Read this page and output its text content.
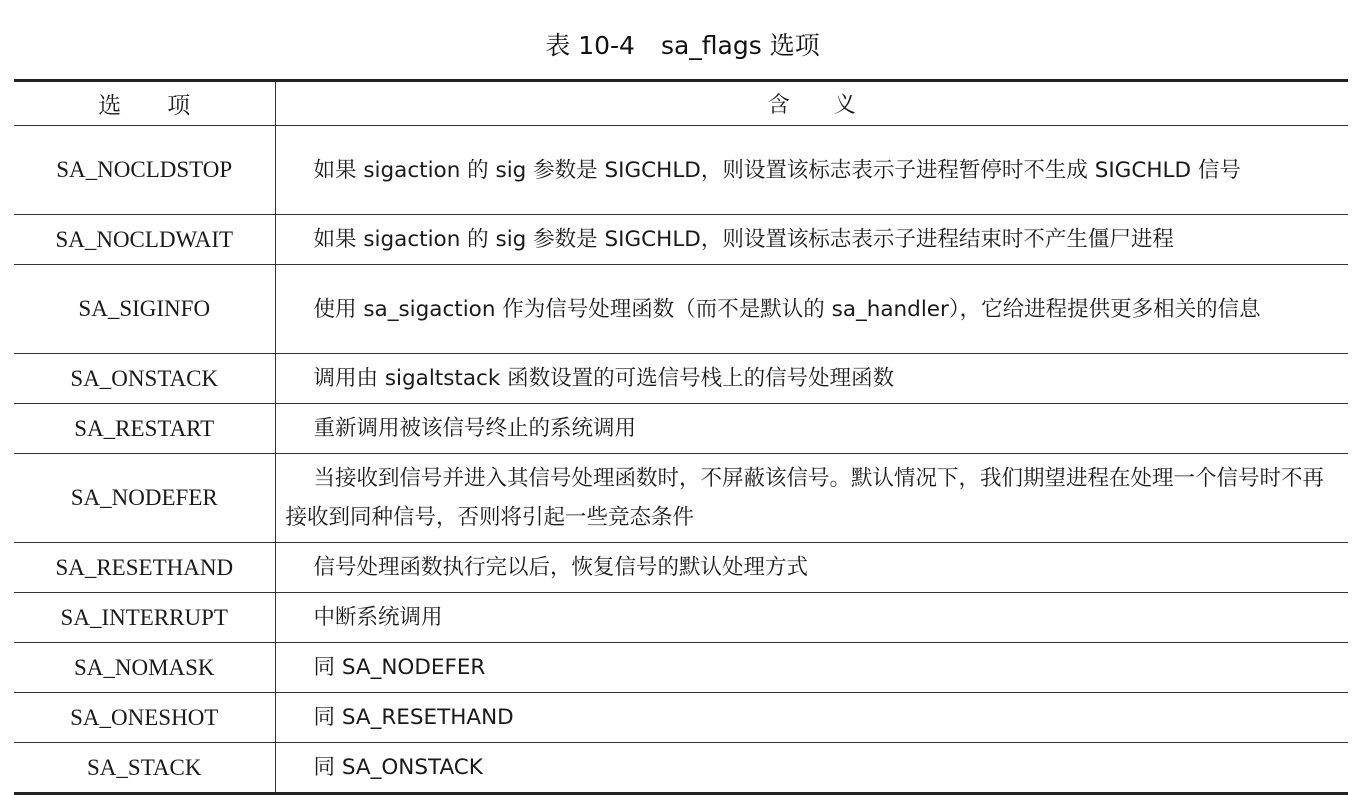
表 10-4 sa_flags 选项
选　　项	含　　义
SA_NOCLDSTOP	如果 sigaction 的 sig 参数是 SIGCHLD，则设置该标志表示子进程暂停时不生成 SIGCHLD 信号
SA_NOCLDWAIT	如果 sigaction 的 sig 参数是 SIGCHLD，则设置该标志表示子进程结束时不产生僵尸进程
SA_SIGINFO	使用 sa_sigaction 作为信号处理函数（而不是默认的 sa_handler），它给进程提供更多相关的信息
SA_ONSTACK	调用由 sigaltstack 函数设置的可选信号栈上的信号处理函数
SA_RESTART	重新调用被该信号终止的系统调用
SA_NODEFER	当接收到信号并进入其信号处理函数时，不屏蔽该信号。默认情况下，我们期望进程在处理一个信号时不再接收到同种信号，否则将引起一些竞态条件
SA_RESETHAND	信号处理函数执行完以后，恢复信号的默认处理方式
SA_INTERRUPT	中断系统调用
SA_NOMASK	同 SA_NODEFER
SA_ONESHOT	同 SA_RESETHAND
SA_STACK	同 SA_ONSTACK
